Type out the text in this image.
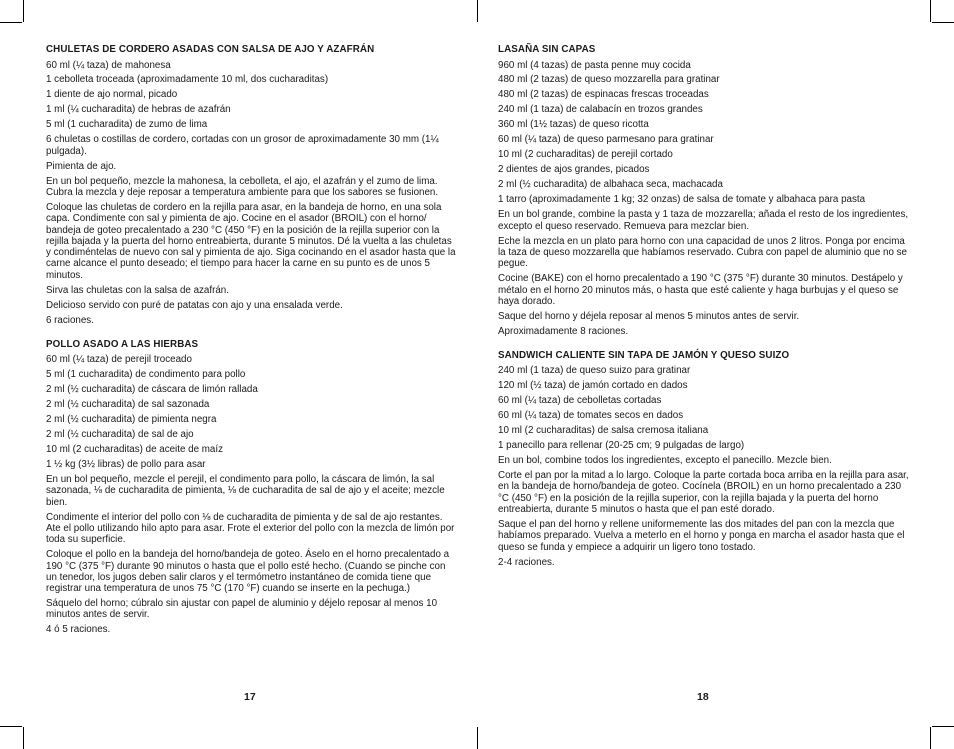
CHULETAS DE CORDERO ASADAS CON SALSA DE AJO Y AZAFRÁN
60 ml (¼ taza) de mahonesa
1 cebolleta troceada (aproximadamente 10 ml, dos cucharaditas)
1 diente de ajo normal, picado
1 ml (¼ cucharadita) de hebras de azafrán
5 ml (1 cucharadita) de zumo de lima
6 chuletas o costillas de cordero, cortadas con un grosor de aproximadamente 30 mm (1¼ pulgada).
Pimienta de ajo.
En un bol pequeño, mezcle la mahonesa, la cebolleta, el ajo, el azafrán y el zumo de lima. Cubra la mezcla y deje reposar a temperatura ambiente para que los sabores se fusionen.
Coloque las chuletas de cordero en la rejilla para asar, en la bandeja de horno, en una sola capa. Condimente con sal y pimienta de ajo. Cocine en el asador (BROIL) con el horno/ bandeja de goteo precalentado a 230 °C (450 °F) en la posición de la rejilla superior con la rejilla bajada y la puerta del horno entreabierta, durante 5 minutos. Dé la vuelta a las chuletas y condiméntelas de nuevo con sal y pimienta de ajo. Siga cocinando en el asador hasta que la carne alcance el punto deseado; el tiempo para hacer la carne en su punto es de unos 5 minutos.
Sirva las chuletas con la salsa de azafrán.
Delicioso servido con puré de patatas con ajo y una ensalada verde.
6 raciones.
POLLO ASADO A LAS HIERBAS
60 ml (¼ taza) de perejil troceado
5 ml (1 cucharadita) de condimento para pollo
2 ml (½ cucharadita) de cáscara de limón rallada
2 ml (½ cucharadita) de sal sazonada
2 ml (½ cucharadita) de pimienta negra
2 ml (½ cucharadita) de sal de ajo
10 ml (2 cucharaditas) de aceite de maíz
1 ½ kg (3½ libras) de pollo para asar
En un bol pequeño, mezcle el perejil, el condimento para pollo, la cáscara de limón, la sal sazonada, ⅛ de cucharadita de pimienta, ⅛ de cucharadita de sal de ajo y el aceite; mezcle bien.
Condimente el interior del pollo con ⅛ de cucharadita de pimienta y de sal de ajo restantes. Ate el pollo utilizando hilo apto para asar. Frote el exterior del pollo con la mezcla de limón por toda su superficie.
Coloque el pollo en la bandeja del horno/bandeja de goteo. Áselo en el horno precalentado a 190 °C (375 °F) durante 90 minutos o hasta que el pollo esté hecho. (Cuando se pinche con un tenedor, los jugos deben salir claros y el termómetro instantáneo de comida tiene que registrar una temperatura de unos 75 °C (170 °F) cuando se inserte en la pechuga.)
Sáquelo del horno; cúbralo sin ajustar con papel de aluminio y déjelo reposar al menos 10 minutos antes de servir.
4 ó 5 raciones.
17
LASAÑA SIN CAPAS
960 ml (4 tazas) de pasta penne muy cocida
480 ml (2 tazas) de queso mozzarella para gratinar
480 ml (2 tazas) de espinacas frescas troceadas
240 ml (1 taza) de calabacín en trozos grandes
360 ml (1½ tazas) de queso ricotta
60 ml (¼ taza) de queso parmesano para gratinar
10 ml (2 cucharaditas) de perejil cortado
2 dientes de ajos grandes, picados
2 ml (½ cucharadita) de albahaca seca, machacada
1 tarro (aproximadamente 1 kg; 32 onzas) de salsa de tomate y albahaca para pasta
En un bol grande, combine la pasta y 1 taza de mozzarella; añada el resto de los ingredientes, excepto el queso reservado. Remueva para mezclar bien.
Eche la mezcla en un plato para horno con una capacidad de unos 2 litros. Ponga por encima la taza de queso mozzarella que habíamos reservado. Cubra con papel de aluminio que no se pegue.
Cocine (BAKE) con el horno precalentado a 190 °C (375 °F) durante 30 minutos. Destápelo y métalo en el horno 20 minutos más, o hasta que esté caliente y haga burbujas y el queso se haya dorado.
Saque del horno y déjela reposar al menos 5 minutos antes de servir.
Aproximadamente 8 raciones.
SANDWICH CALIENTE SIN TAPA DE JAMÓN Y QUESO SUIZO
240 ml (1 taza) de queso suizo para gratinar
120 ml (½ taza) de jamón cortado en dados
60 ml (¼ taza) de cebolletas cortadas
60 ml (¼ taza) de tomates secos en dados
10 ml (2 cucharaditas) de salsa cremosa italiana
1 panecillo para rellenar (20-25 cm; 9 pulgadas de largo)
En un bol, combine todos los ingredientes, excepto el panecillo. Mezcle bien.
Corte el pan por la mitad a lo largo. Coloque la parte cortada boca arriba en la rejilla para asar, en la bandeja de horno/bandeja de goteo. Cocínela (BROIL) en un horno precalentado a 230 °C (450 °F) en la posición de la rejilla superior, con la rejilla bajada y la puerta del horno entreabierta, durante 5 minutos o hasta que el pan esté dorado.
Saque el pan del horno y rellene uniformemente las dos mitades del pan con la mezcla que habíamos preparado. Vuelva a meterlo en el horno y ponga en marcha el asador hasta que el queso se funda y empiece a adquirir un ligero tono tostado.
2-4 raciones.
18
